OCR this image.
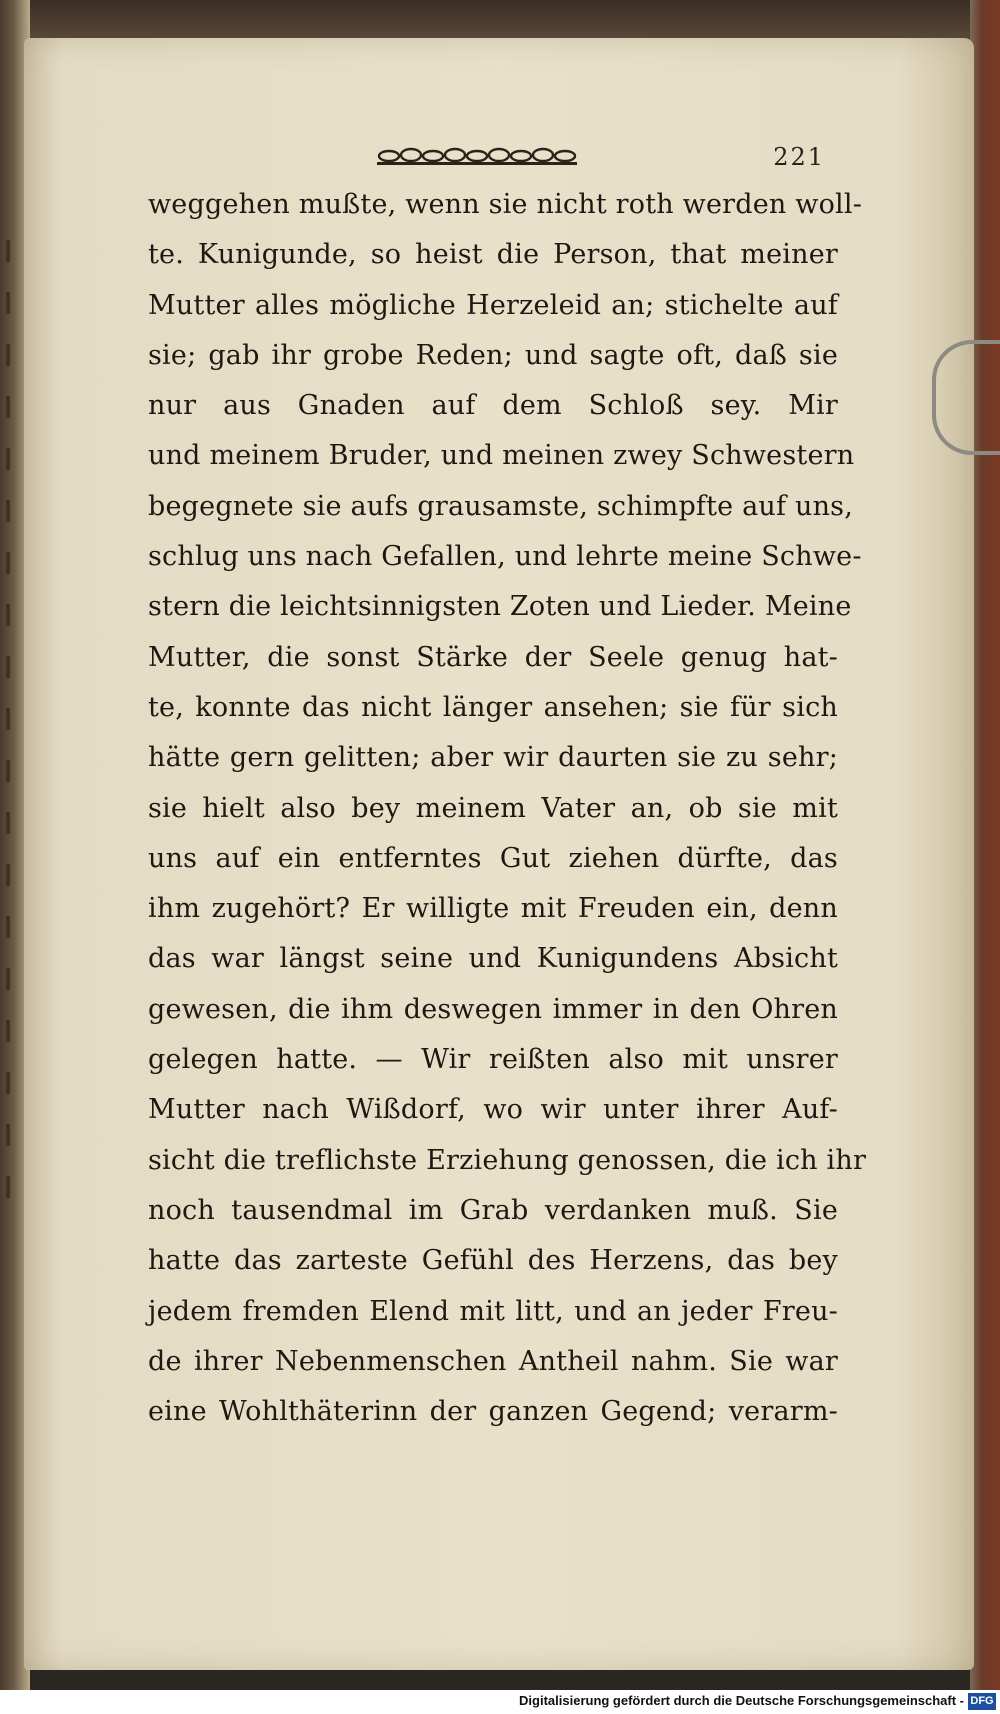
221
weggehen mußte, wenn sie nicht roth werden woll-
te. Kunigunde, so heist die Person, that meiner
Mutter alles mögliche Herzeleid an; stichelte auf
sie; gab ihr grobe Reden; und sagte oft, daß sie
nur aus Gnaden auf dem Schloß sey. Mir
und meinem Bruder, und meinen zwey Schwestern
begegnete sie aufs grausamste, schimpfte auf uns,
schlug uns nach Gefallen, und lehrte meine Schwe-
stern die leichtsinnigsten Zoten und Lieder. Meine
Mutter, die sonst Stärke der Seele genug hat-
te, konnte das nicht länger ansehen; sie für sich
hätte gern gelitten; aber wir daurten sie zu sehr;
sie hielt also bey meinem Vater an, ob sie mit
uns auf ein entferntes Gut ziehen dürfte, das
ihm zugehört? Er willigte mit Freuden ein, denn
das war längst seine und Kunigundens Absicht
gewesen, die ihm deswegen immer in den Ohren
gelegen hatte. — Wir reißten also mit unsrer
Mutter nach Wißdorf, wo wir unter ihrer Auf-
sicht die treflichste Erziehung genossen, die ich ihr
noch tausendmal im Grab verdanken muß. Sie
hatte das zarteste Gefühl des Herzens, das bey
jedem fremden Elend mit litt, und an jeder Freu-
de ihrer Nebenmenschen Antheil nahm. Sie war
eine Wohlthäterinn der ganzen Gegend; verarm-
Digitalisierung gefördert durch die Deutsche Forschungsgemeinschaft - DFG
